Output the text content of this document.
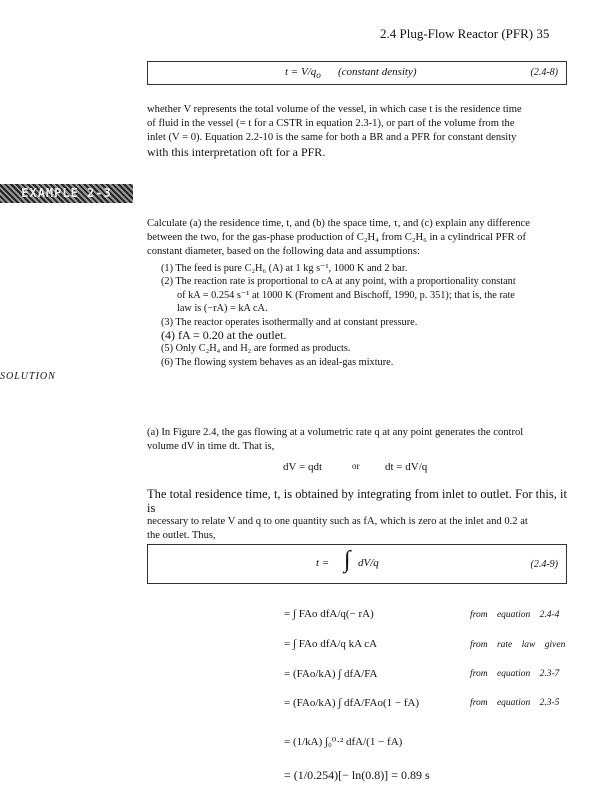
2.4 Plug-Flow Reactor (PFR) 35
$t = V/q_o$ (constant density)	(2.4-8)
whether V represents the total volume of the vessel, in which case t is the residence time
of fluid in the vessel (= t for a CSTR in equation 2.3-1), or part of the volume from the
inlet (V = 0). Equation 2.2-10 is the same for both a BR and a PFR for constant density
with this interpretation oft for a PFR.
EXAMPLE 2-3
Calculate (a) the residence time, t, and (b) the space time, τ, and (c) explain any difference
between the two, for the gas-phase production of C₂H₄ from C₂H₆ in a cylindrical PFR of
constant diameter, based on the following data and assumptions:
(1) The feed is pure C₂H₆ (A) at 1 kg s⁻¹, 1000 K and 2 bar.
(2) The reaction rate is proportional to cA at any point, with a proportionality constant
of kA = 0.254 s⁻¹ at 1000 K (Froment and Bischoff, 1990, p. 351); that is, the rate
law is (−rA) = kA cA.
(3) The reactor operates isothermally and at constant pressure.
(4) fA = 0.20 at the outlet.
(5) Only C₂H₄ and H₂ are formed as products.
(6) The flowing system behaves as an ideal-gas mixture.
SOLUTION
(a) In Figure 2.4, the gas flowing at a volumetric rate q at any point generates the control
volume dV in time dt. That is,
dV = qdt	or dt = dV/q
The total residence time, t, is obtained by integrating from inlet to outlet. For this, it is
necessary to relate V and q to one quantity such as fA, which is zero at the inlet and 0.2 at
the outlet. Thus,
t = ∫ dV/q	(2.4-9)
= ∫ FAo dfA/q(− rA)	from equation 2.4-4
= ∫ FAo dfA/q kA cA	from rate law given
= (FAo/kA) ∫ dfA/FA	from equation 2.3-7
= (FAo/kA) ∫ dfA/FAo(1 − fA)	from equation 2.3-5
= (1/kA) ∫₀⁰·² dfA/(1 − fA)
= (1/0.254)[− ln(0.8)] = 0.89 s
